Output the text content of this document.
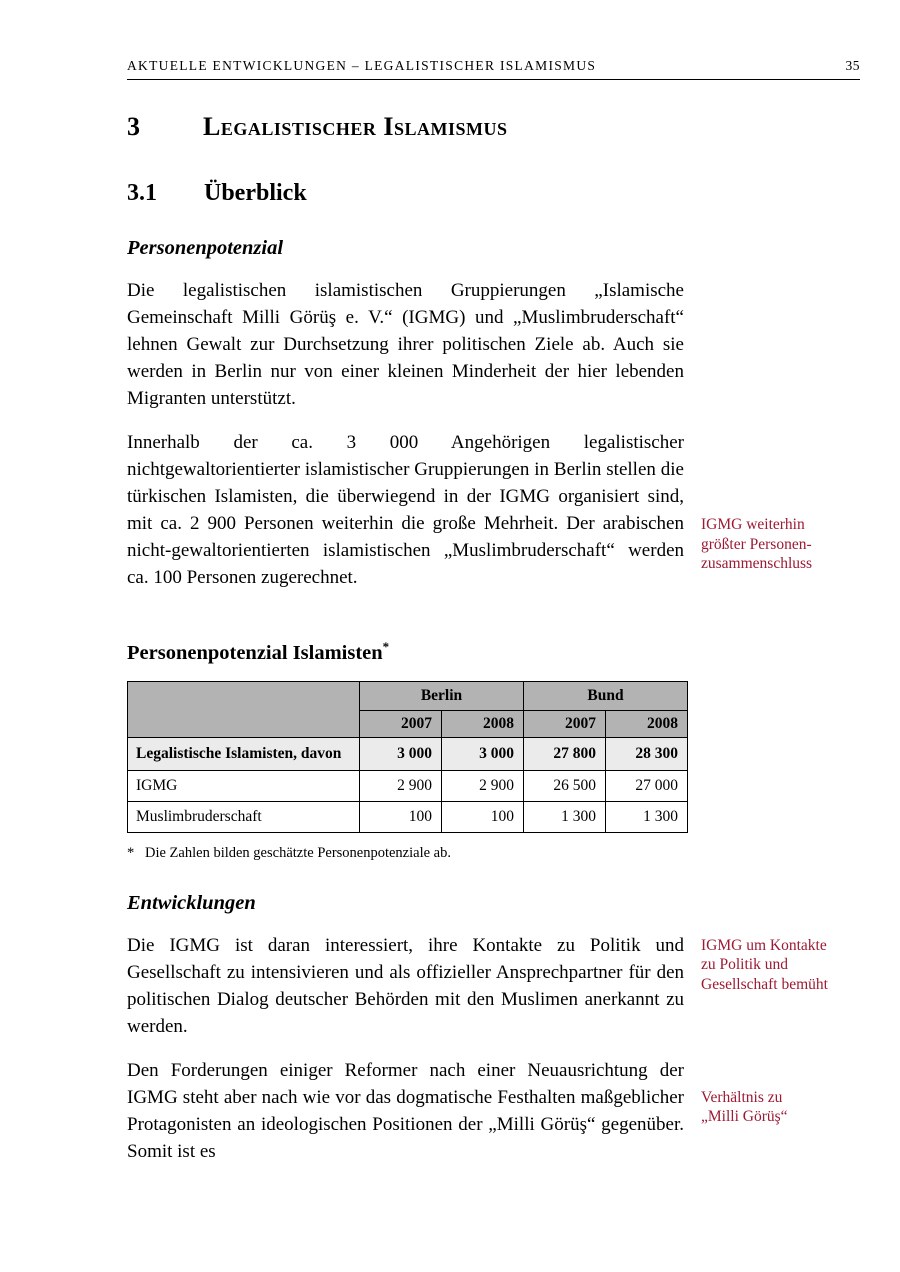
AKTUELLE ENTWICKLUNGEN – LEGALISTISCHER ISLAMISMUS	35
3	Legalistischer Islamismus
3.1	Überblick
Personenpotenzial
Die legalistischen islamistischen Gruppierungen „Islamische Gemeinschaft Milli Görüş e. V.“ (IGMG) und „Muslimbruderschaft“ lehnen Gewalt zur Durchsetzung ihrer politischen Ziele ab. Auch sie werden in Berlin nur von einer kleinen Minderheit der hier lebenden Migranten unterstützt.
Innerhalb der ca. 3 000 Angehörigen legalistischer nichtgewaltorientierter islamistischer Gruppierungen in Berlin stellen die türkischen Islamisten, die überwiegend in der IGMG organisiert sind, mit ca. 2 900 Personen weiterhin die große Mehrheit. Der arabischen nicht-gewaltorientierten islamistischen „Muslimbruderschaft“ werden ca. 100 Personen zugerechnet.
IGMG weiterhin
größter Personen-
zusammenschluss
Personenpotenzial Islamisten*
	Berlin		Bund	
	2007	2008	2007	2008
Legalistische Islamisten, davon	3 000	3 000	27 800	28 300
IGMG	2 900	2 900	26 500	27 000
Muslimbruderschaft	100	100	1 300	1 300
* Die Zahlen bilden geschätzte Personenpotenziale ab.
Entwicklungen
Die IGMG ist daran interessiert, ihre Kontakte zu Politik und Gesellschaft zu intensivieren und als offizieller Ansprechpartner für den politischen Dialog deutscher Behörden mit den Muslimen anerkannt zu werden.
IGMG um Kontakte
zu Politik und
Gesellschaft bemüht
Den Forderungen einiger Reformer nach einer Neuausrichtung der IGMG steht aber nach wie vor das dogmatische Festhalten maßgeblicher Protagonisten an ideologischen Positionen der „Milli Görüş“ gegenüber. Somit ist es
Verhältnis zu
„Milli Görüş“
